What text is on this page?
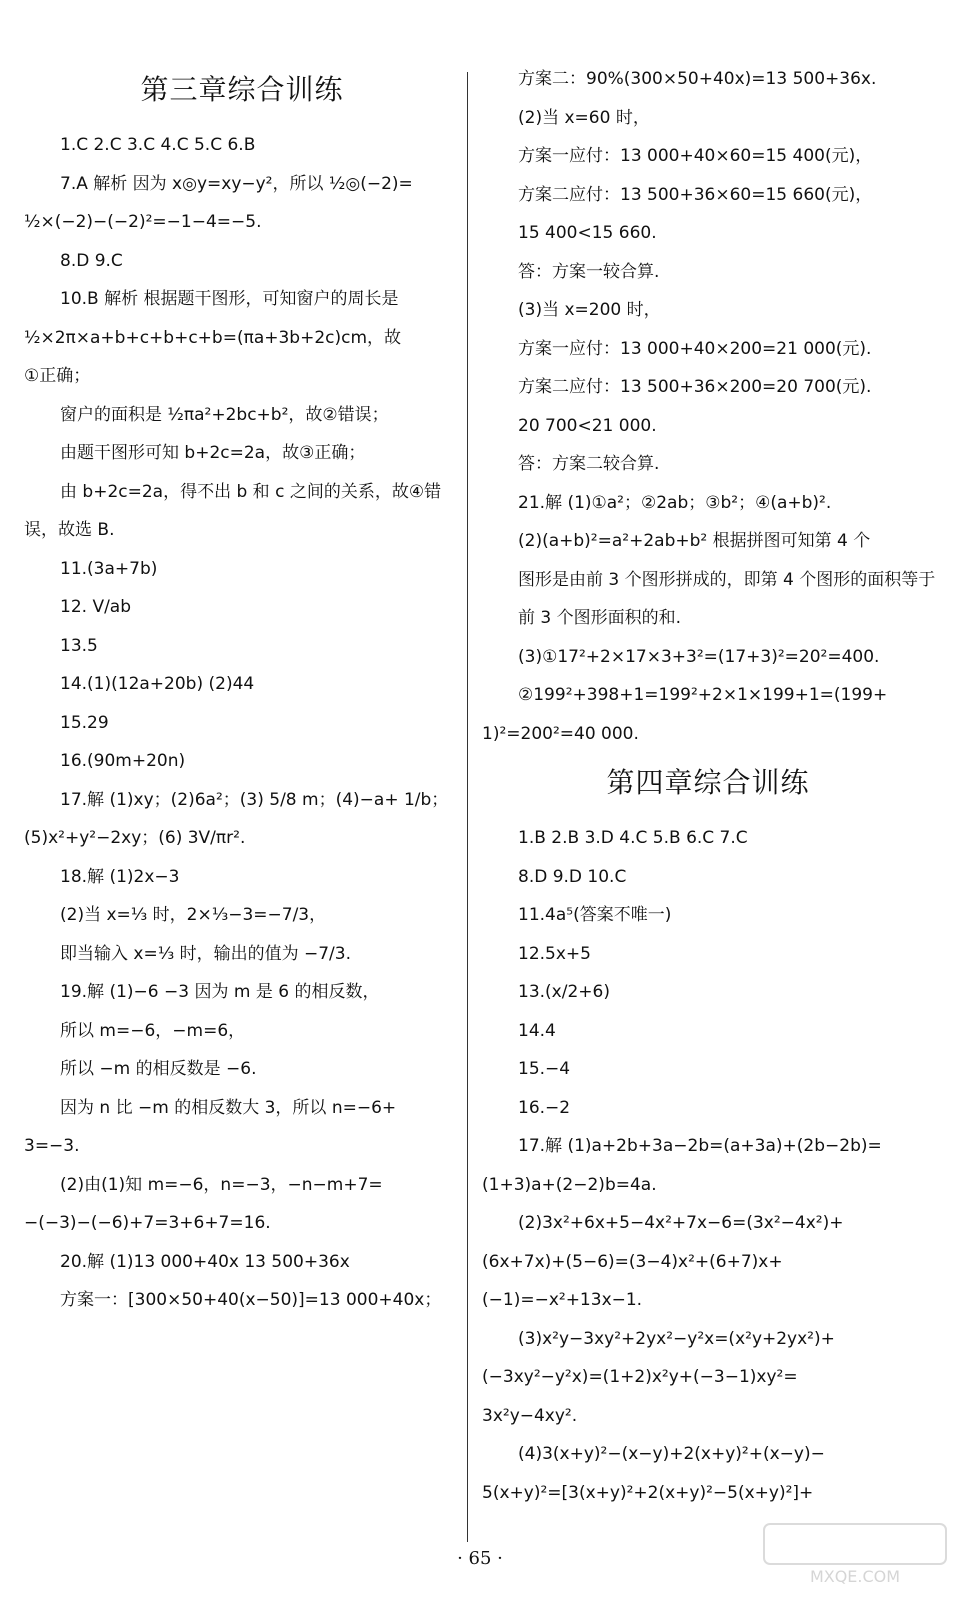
第三章综合训练
1.C 2.C 3.C 4.C 5.C 6.B
7.A 解析 因为 x◎y=xy−y²，所以 ½◎(−2)=
½×(−2)−(−2)²=−1−4=−5.
8.D 9.C
10.B 解析 根据题干图形，可知窗户的周长是
½×2π×a+b+c+b+c+b=(πa+3b+2c)cm，故
①正确；
窗户的面积是 ½πa²+2bc+b²，故②错误；
由题干图形可知 b+2c=2a，故③正确；
由 b+2c=2a，得不出 b 和 c 之间的关系，故④错
误，故选 B.
11.(3a+7b)
12. V/ab
13.5
14.(1)(12a+20b) (2)44
15.29
16.(90m+20n)
17.解 (1)xy；(2)6a²；(3) 5/8 m；(4)−a+ 1/b；
(5)x²+y²−2xy；(6) 3V/πr².
18.解 (1)2x−3
(2)当 x=⅓ 时，2×⅓−3=−7/3，
即当输入 x=⅓ 时，输出的值为 −7/3.
19.解 (1)−6 −3 因为 m 是 6 的相反数，
所以 m=−6，−m=6，
所以 −m 的相反数是 −6.
因为 n 比 −m 的相反数大 3，所以 n=−6+
3=−3.
(2)由(1)知 m=−6，n=−3，−n−m+7=
−(−3)−(−6)+7=3+6+7=16.
20.解 (1)13 000+40x 13 500+36x
方案一：[300×50+40(x−50)]=13 000+40x；
方案二：90%(300×50+40x)=13 500+36x.
(2)当 x=60 时，
方案一应付：13 000+40×60=15 400(元)，
方案二应付：13 500+36×60=15 660(元)，
15 400<15 660.
答：方案一较合算.
(3)当 x=200 时，
方案一应付：13 000+40×200=21 000(元).
方案二应付：13 500+36×200=20 700(元).
20 700<21 000.
答：方案二较合算.
21.解 (1)①a²；②2ab；③b²；④(a+b)².
(2)(a+b)²=a²+2ab+b² 根据拼图可知第 4 个
图形是由前 3 个图形拼成的，即第 4 个图形的面积等于
前 3 个图形面积的和.
(3)①17²+2×17×3+3²=(17+3)²=20²=400.
②199²+398+1=199²+2×1×199+1=(199+
1)²=200²=40 000.
第四章综合训练
1.B 2.B 3.D 4.C 5.B 6.C 7.C
8.D 9.D 10.C
11.4a⁵(答案不唯一)
12.5x+5
13.(x/2+6)
14.4
15.−4
16.−2
17.解 (1)a+2b+3a−2b=(a+3a)+(2b−2b)=
(1+3)a+(2−2)b=4a.
(2)3x²+6x+5−4x²+7x−6=(3x²−4x²)+
(6x+7x)+(5−6)=(3−4)x²+(6+7)x+
(−1)=−x²+13x−1.
(3)x²y−3xy²+2yx²−y²x=(x²y+2yx²)+
(−3xy²−y²x)=(1+2)x²y+(−3−1)xy²=
3x²y−4xy².
(4)3(x+y)²−(x−y)+2(x+y)²+(x−y)−
5(x+y)²=[3(x+y)²+2(x+y)²−5(x+y)²]+
· 65 ·
MXQE.COM
